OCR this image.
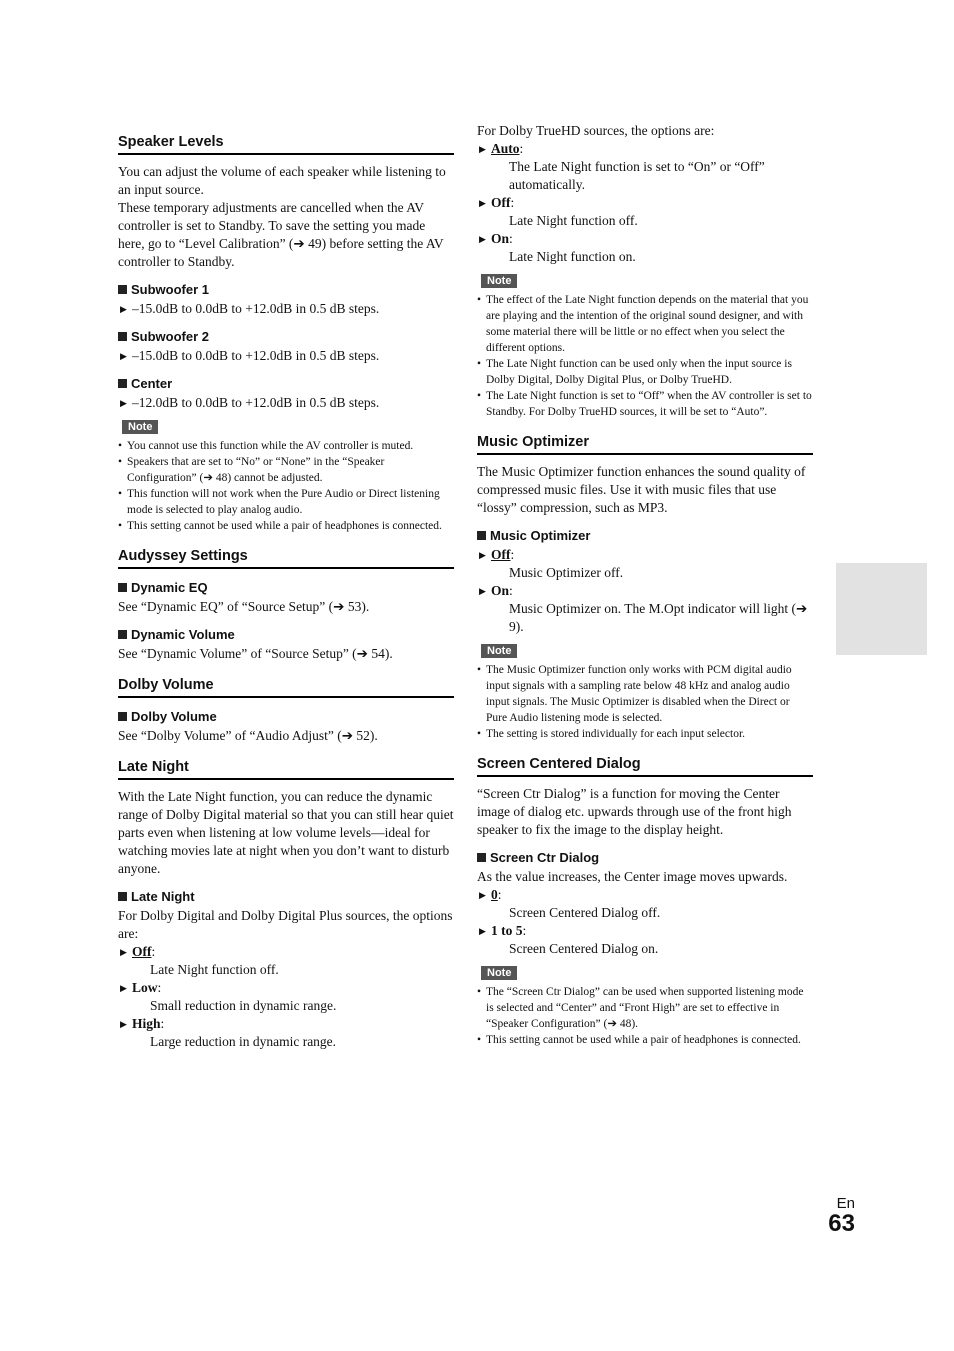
Speaker Levels

You can adjust the volume of each speaker while listening to an input source.

These temporary adjustments are cancelled when the AV controller is set to Standby. To save the setting you made here, go to “Level Calibration” (➔ 49) before setting the AV controller to Standby.

Subwoofer 1

▶ –15.0dB to 0.0dB to +12.0dB in 0.5 dB steps.

Subwoofer 2

▶ –15.0dB to 0.0dB to +12.0dB in 0.5 dB steps.

Center

▶ –12.0dB to 0.0dB to +12.0dB in 0.5 dB steps.

Note
• You cannot use this function while the AV controller is muted.
• Speakers that are set to “No” or “None” in the “Speaker Configuration” (➔ 48) cannot be adjusted.
• This function will not work when the Pure Audio or Direct listening mode is selected to play analog audio.
• This setting cannot be used while a pair of headphones is connected.
Audyssey Settings
Dynamic EQ

See “Dynamic EQ” of “Source Setup” (➔ 53).

Dynamic Volume

See “Dynamic Volume” of “Source Setup” (➔ 54).

Dolby Volume
Dolby Volume

See “Dolby Volume” of “Audio Adjust” (➔ 52).

Late Night

With the Late Night function, you can reduce the dynamic range of Dolby Digital material so that you can still hear quiet parts even when listening at low volume levels—ideal for watching movies late at night when you don’t want to disturb anyone.

Late Night

For Dolby Digital and Dolby Digital Plus sources, the options are:

▶ Off:

Late Night function off.

▶ Low:

Small reduction in dynamic range.

▶ High:

Large reduction in dynamic range.

For Dolby TrueHD sources, the options are:

▶ Auto:

The Late Night function is set to “On” or “Off” automatically.

▶ Off:

Late Night function off.

▶ On:

Late Night function on.

Note
• The effect of the Late Night function depends on the material that you are playing and the intention of the original sound designer, and with some material there will be little or no effect when you select the different options.
• The Late Night function can be used only when the input source is Dolby Digital, Dolby Digital Plus, or Dolby TrueHD.
• The Late Night function is set to “Off” when the AV controller is set to Standby. For Dolby TrueHD sources, it will be set to “Auto”.
Music Optimizer

The Music Optimizer function enhances the sound quality of compressed music files. Use it with music files that use “lossy” compression, such as MP3.

Music Optimizer

▶ Off:

Music Optimizer off.

▶ On:

Music Optimizer on. The M.Opt indicator will light (➔ 9).

Note
• The Music Optimizer function only works with PCM digital audio input signals with a sampling rate below 48 kHz and analog audio input signals. The Music Optimizer is disabled when the Direct or Pure Audio listening mode is selected.
• The setting is stored individually for each input selector.
Screen Centered Dialog

“Screen Ctr Dialog” is a function for moving the Center image of dialog etc. upwards through use of the front high speaker to fix the image to the display height.

Screen Ctr Dialog

As the value increases, the Center image moves upwards.

▶ 0:

Screen Centered Dialog off.

▶ 1 to 5:

Screen Centered Dialog on.

Note
• The “Screen Ctr Dialog” can be used when supported listening mode is selected and “Center” and “Front High” are set to effective in “Speaker Configuration” (➔ 48).
• This setting cannot be used while a pair of headphones is connected.
En
63
